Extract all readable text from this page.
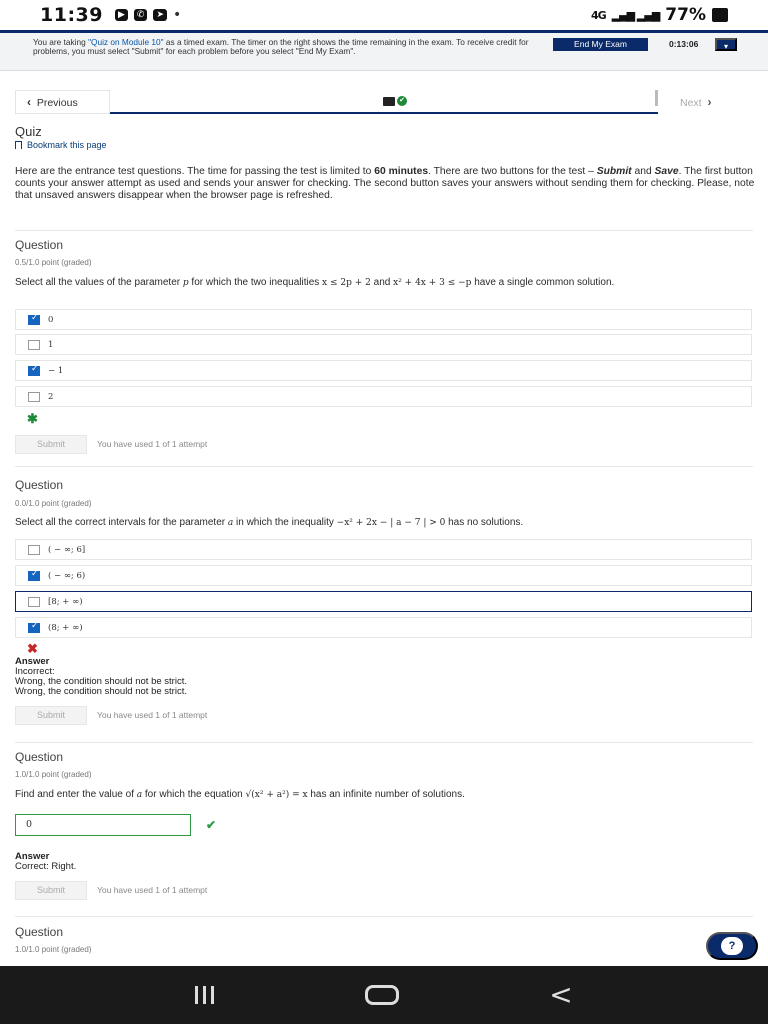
11:39	▶	✆	➤ •	4G ▂▄▆ ▂▄▆ 77%
You are taking "Quiz on Module 10" as a timed exam. The timer on the right shows the time remaining in the exam. To receive credit for problems, you must select "Submit" for each problem before you select "End My Exam".
End My Exam	0:13:06	▾
‹ Previous	✔	Next ›
Quiz
Bookmark this page
Here are the entrance test questions. The time for passing the test is limited to 60 minutes. There are two buttons for the test – Submit and Save. The first button counts your answer attempt as used and sends your answer for checking. The second button saves your answers without sending them for checking. Please, note that unsaved answers disappear when the browser page is refreshed.
Question
0.5/1.0 point (graded)
Select all the values of the parameter p for which the two inequalities x ≤ 2p + 2 and x² + 4x + 3 ≤ −p have a single common solution.
✓
0
1
✓
− 1
2
✱
Submit	You have used 1 of 1 attempt
Question
0.0/1.0 point (graded)
Select all the correct intervals for the parameter a in which the inequality −x² + 2x − | a − 7 | > 0 has no solutions.
( − ∞; 6]
✓
( − ∞; 6)
[8; + ∞)
✓
(8; + ∞)
✖
Answer
Incorrect:
Wrong, the condition should not be strict.
Wrong, the condition should not be strict.
Submit	You have used 1 of 1 attempt
Question
1.0/1.0 point (graded)
Find and enter the value of a for which the equation √(x² + a²) = x has an infinite number of solutions.
0	✔
Answer
Correct: Right.
Submit	You have used 1 of 1 attempt
Question
1.0/1.0 point (graded)	?
<
